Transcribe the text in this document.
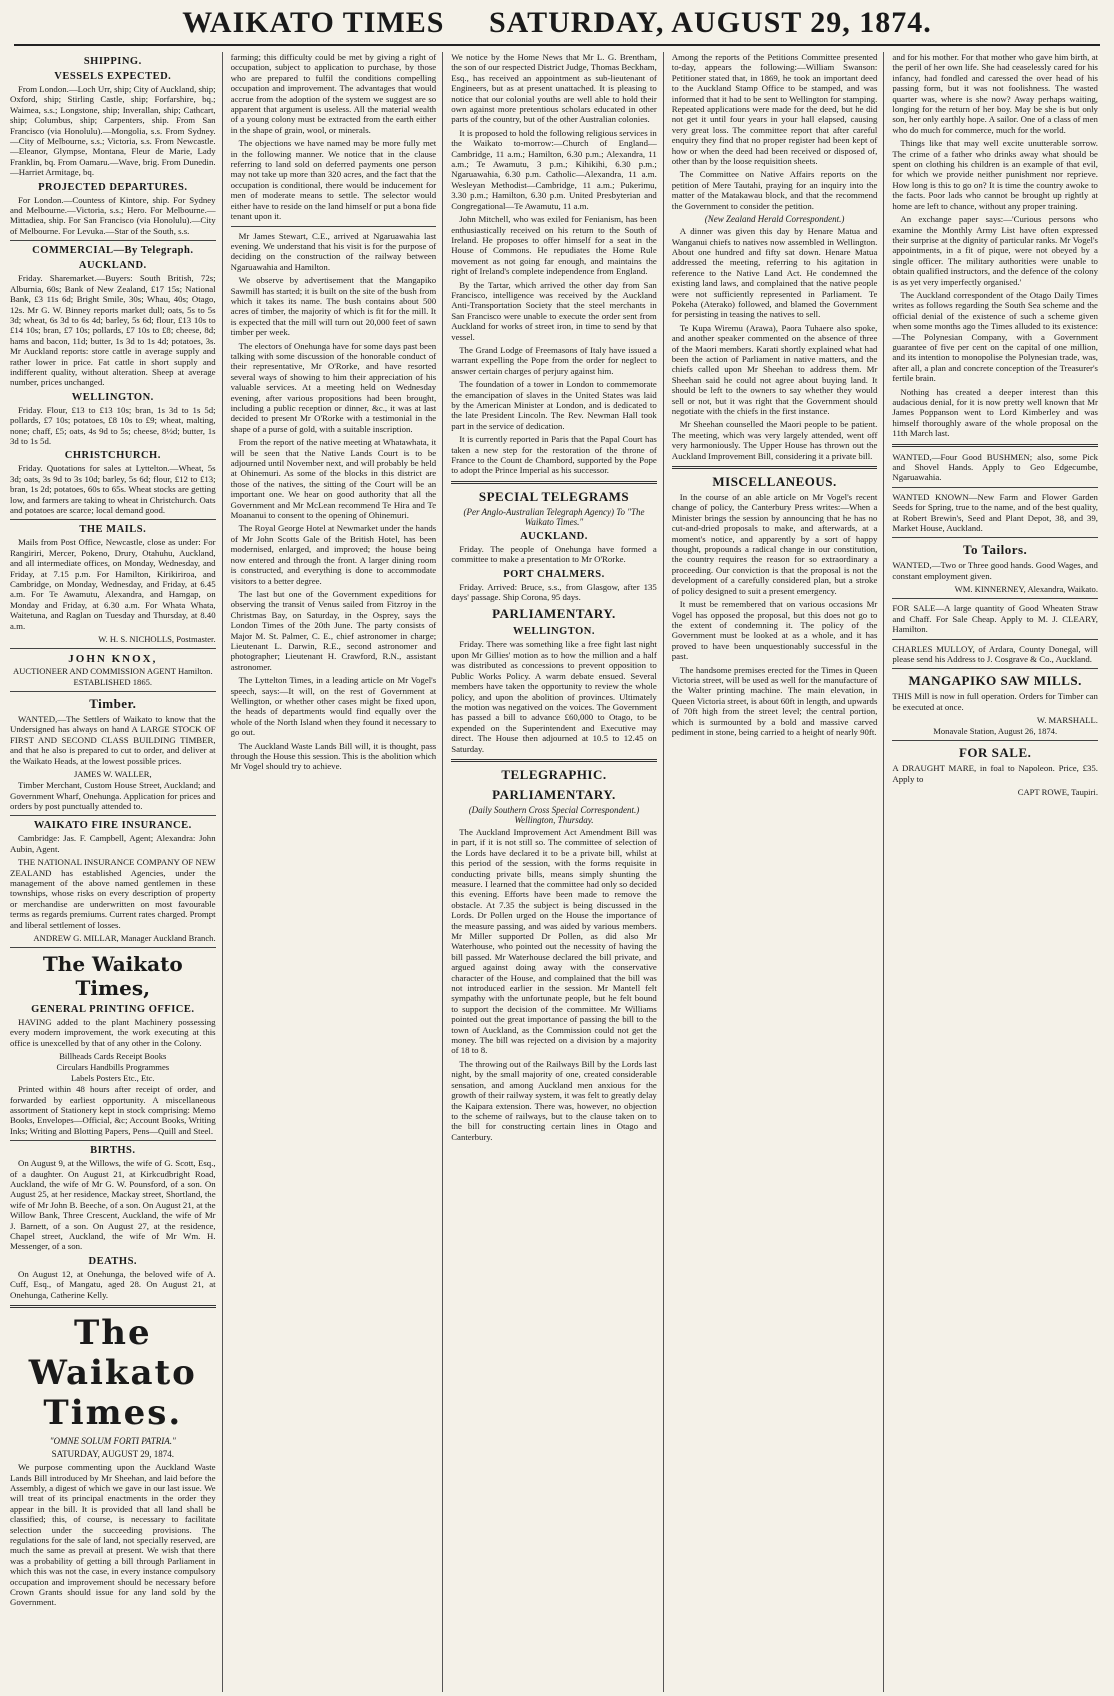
WAIKATO TIMES SATURDAY, AUGUST 29, 1874.
SHIPPING.
VESSELS EXPECTED.

From London.—Loch Urr, ship; City of Auckland, ship; Oxford, ship; Stirling Castle, ship; Forfarshire, bq.; Waimea, s.s.; Longstone, ship; Inverallan, ship; Cathcart, ship; Columbus, ship; Carpenters, ship. From San Francisco (via Honolulu).—Mongolia, s.s. From Sydney.—City of Melbourne, s.s.; Victoria, s.s. From Newcastle.—Eleanor, Glympse, Montana, Fleur de Marie, Lady Franklin, bq. From Oamaru.—Wave, brig. From Dunedin.—Harriet Armitage, bq.

PROJECTED DEPARTURES.

For London.—Countess of Kintore, ship. For Sydney and Melbourne.—Victoria, s.s.; Hero. For Melbourne.—Mittadiea, ship. For San Francisco (via Honolulu).—City of Melbourne. For Levuka.—Star of the South, s.s.

COMMERCIAL—By Telegraph.
AUCKLAND.

Friday. Sharemarket.—Buyers: South British, 72s; Alburnia, 60s; Bank of New Zealand, £17 15s; National Bank, £3 11s 6d; Bright Smile, 30s; Whau, 40s; Otago, 12s. Mr G. W. Binney reports market dull; oats, 5s to 5s 3d; wheat, 6s 3d to 6s 4d; barley, 5s 6d; flour, £13 10s to £14 10s; bran, £7 10s; pollards, £7 10s to £8; cheese, 8d; hams and bacon, 11d; butter, 1s 3d to 1s 4d; potatoes, 3s. Mr Auckland reports: store cattle in average supply and rather lower in price. Fat cattle in short supply and indifferent quality, without alteration. Sheep at average number, prices unchanged.

WELLINGTON.

Friday. Flour, £13 to £13 10s; bran, 1s 3d to 1s 5d; pollards, £7 10s; potatoes, £8 10s to £9; wheat, malting, none; chaff, £5; oats, 4s 9d to 5s; cheese, 8½d; butter, 1s 3d to 1s 5d.

CHRISTCHURCH.

Friday. Quotations for sales at Lyttelton.—Wheat, 5s 3d; oats, 3s 9d to 3s 10d; barley, 5s 6d; flour, £12 to £13; bran, 1s 2d; potatoes, 60s to 65s. Wheat stocks are getting low, and farmers are taking to wheat in Christchurch. Oats and potatoes are scarce; local demand good.

THE MAILS.

Mails from Post Office, Newcastle, close as under: For Rangiriri, Mercer, Pokeno, Drury, Otahuhu, Auckland, and all intermediate offices, on Monday, Wednesday, and Friday, at 7.15 p.m. For Hamilton, Kirikiriroa, and Cambridge, on Monday, Wednesday, and Friday, at 6.45 a.m. For Te Awamutu, Alexandra, and Hamgap, on Monday and Friday, at 6.30 a.m. For Whata Whata, Waitetuna, and Raglan on Tuesday and Thursday, at 8.40 a.m.

W. H. S. NICHOLLS, Postmaster.
JOHN KNOX,
AUCTIONEER AND COMMISSION AGENT Hamilton.
ESTABLISHED 1865.
Timber.

WANTED,—The Settlers of Waikato to know that the Undersigned has always on hand A LARGE STOCK OF FIRST AND SECOND CLASS BUILDING TIMBER, and that he also is prepared to cut to order, and deliver at the Waikato Heads, at the lowest possible prices.

JAMES W. WALLER,

Timber Merchant, Custom House Street, Auckland; and Government Wharf, Onehunga. Application for prices and orders by post punctually attended to.

WAIKATO FIRE INSURANCE.

Cambridge: Jas. F. Campbell, Agent; Alexandra: John Aubin, Agent.

THE NATIONAL INSURANCE COMPANY OF NEW ZEALAND has established Agencies, under the management of the above named gentlemen in these townships, whose risks on every description of property or merchandise are underwritten on most favourable terms as regards premiums. Current rates charged. Prompt and liberal settlement of losses.

ANDREW G. MILLAR, Manager Auckland Branch.
The Waikato Times,
GENERAL PRINTING OFFICE.

HAVING added to the plant Machinery possessing every modern improvement, the work executing at this office is unexcelled by that of any other in the Colony.

Billheads Cards Receipt Books
Circulars Handbills Programmes
Labels Posters Etc., Etc.

Printed within 48 hours after receipt of order, and forwarded by earliest opportunity. A miscellaneous assortment of Stationery kept in stock comprising: Memo Books, Envelopes—Official, &c; Account Books, Writing Inks; Writing and Blotting Papers, Pens—Quill and Steel.

BIRTHS.

On August 9, at the Willows, the wife of G. Scott, Esq., of a daughter. On August 21, at Kirkcudbright Road, Auckland, the wife of Mr G. W. Pounsford, of a son. On August 25, at her residence, Mackay street, Shortland, the wife of Mr John B. Beeche, of a son. On August 21, at the Willow Bank, Three Crescent, Auckland, the wife of Mr J. Barnett, of a son. On August 27, at the residence, Chapel street, Auckland, the wife of Mr Wm. H. Messenger, of a son.

DEATHS.

On August 12, at Onehunga, the beloved wife of A. Cuff, Esq., of Mangatu, aged 28. On August 21, at Onehunga, Catherine Kelly.

The Waikato Times.
"OMNE SOLUM FORTI PATRIA."
SATURDAY, AUGUST 29, 1874.

We purpose commenting upon the Auckland Waste Lands Bill introduced by Mr Sheehan, and laid before the Assembly, a digest of which we gave in our last issue. We will treat of its principal enactments in the order they appear in the bill. It is provided that all land shall be classified; this, of course, is necessary to facilitate selection under the succeeding provisions. The regulations for the sale of land, not specially reserved, are much the same as prevail at present. We wish that there was a probability of getting a bill through Parliament in which this was not the case, in every instance compulsory occupation and improvement should be necessary before Crown Grants should issue for any land sold by the Government.

farming; this difficulty could be met by giving a right of occupation, subject to application to purchase, by those who are prepared to fulfil the conditions compelling occupation and improvement. The advantages that would accrue from the adoption of the system we suggest are so apparent that argument is useless. All the material wealth of a young colony must be extracted from the earth either in the shape of grain, wool, or minerals.

The objections we have named may be more fully met in the following manner. We notice that in the clause referring to land sold on deferred payments one person may not take up more than 320 acres, and the fact that the occupation is conditional, there would be inducement for men of moderate means to settle. The selector would either have to reside on the land himself or put a bona fide tenant upon it.

Mr James Stewart, C.E., arrived at Ngaruawahia last evening. We understand that his visit is for the purpose of deciding on the construction of the railway between Ngaruawahia and Hamilton.

We observe by advertisement that the Mangapiko Sawmill has started; it is built on the site of the bush from which it takes its name. The bush contains about 500 acres of timber, the majority of which is fit for the mill. It is expected that the mill will turn out 20,000 feet of sawn timber per week.

The electors of Onehunga have for some days past been talking with some discussion of the honorable conduct of their representative, Mr O'Rorke, and have resorted several ways of showing to him their appreciation of his valuable services. At a meeting held on Wednesday evening, after various propositions had been brought, including a public reception or dinner, &c., it was at last decided to present Mr O'Rorke with a testimonial in the shape of a purse of gold, with a suitable inscription.

From the report of the native meeting at Whatawhata, it will be seen that the Native Lands Court is to be adjourned until November next, and will probably be held at Ohinemuri. As some of the blocks in this district are those of the natives, the sitting of the Court will be an important one. We hear on good authority that all the Government and Mr McLean recommend Te Hira and Te Moananui to consent to the opening of Ohinemuri.

The Royal George Hotel at Newmarket under the hands of Mr John Scotts Gale of the British Hotel, has been modernised, enlarged, and improved; the house being now entered and through the front. A larger dining room is constructed, and everything is done to accommodate visitors to a better degree.

The last but one of the Government expeditions for observing the transit of Venus sailed from Fitzroy in the Christmas Bay, on Saturday, in the Osprey, says the London Times of the 20th June. The party consists of Major M. St. Palmer, C. E., chief astronomer in charge; Lieutenant L. Darwin, R.E., second astronomer and photographer; Lieutenant H. Crawford, R.N., assistant astronomer.

The Lyttelton Times, in a leading article on Mr Vogel's speech, says:—It will, on the rest of Government at Wellington, or whether other cases might be fixed upon, the heads of departments would find equally over the whole of the North Island when they found it necessary to go out.

The Auckland Waste Lands Bill will, it is thought, pass through the House this session. This is the abolition which Mr Vogel should try to achieve.

We notice by the Home News that Mr L. G. Brentham, the son of our respected District Judge, Thomas Beckham, Esq., has received an appointment as sub-lieutenant of Engineers, but as at present unattached. It is pleasing to notice that our colonial youths are well able to hold their own against more pretentious scholars educated in other parts of the country, but of the other Australian colonies.

It is proposed to hold the following religious services in the Waikato to-morrow:—Church of England—Cambridge, 11 a.m.; Hamilton, 6.30 p.m.; Alexandra, 11 a.m.; Te Awamutu, 3 p.m.; Kihikihi, 6.30 p.m.; Ngaruawahia, 6.30 p.m. Catholic—Alexandra, 11 a.m. Wesleyan Methodist—Cambridge, 11 a.m.; Pukerimu, 3.30 p.m.; Hamilton, 6.30 p.m. United Presbyterian and Congregational—Te Awamutu, 11 a.m.

John Mitchell, who was exiled for Fenianism, has been enthusiastically received on his return to the South of Ireland. He proposes to offer himself for a seat in the House of Commons. He repudiates the Home Rule movement as not going far enough, and maintains the right of Ireland's complete independence from England.

By the Tartar, which arrived the other day from San Francisco, intelligence was received by the Auckland Anti-Transportation Society that the steel merchants in San Francisco were unable to execute the order sent from Auckland for works of street iron, in time to send by that vessel.

The Grand Lodge of Freemasons of Italy have issued a warrant expelling the Pope from the order for neglect to answer certain charges of perjury against him.

The foundation of a tower in London to commemorate the emancipation of slaves in the United States was laid by the American Minister at London, and is dedicated to the late President Lincoln. The Rev. Newman Hall took part in the service of dedication.

It is currently reported in Paris that the Papal Court has taken a new step for the restoration of the throne of France to the Count de Chambord, supported by the Pope to adopt the Prince Imperial as his successor.

SPECIAL TELEGRAMS
(Per Anglo-Australian Telegraph Agency) To "The Waikato Times."
AUCKLAND.

Friday. The people of Onehunga have formed a committee to make a presentation to Mr O'Rorke.

PORT CHALMERS.

Friday. Arrived: Bruce, s.s., from Glasgow, after 135 days' passage. Ship Corona, 95 days.

PARLIAMENTARY.
WELLINGTON.

Friday. There was something like a free fight last night upon Mr Gillies' motion as to how the million and a half was distributed as concessions to prevent opposition to Public Works Policy. A warm debate ensued. Several members have taken the opportunity to review the whole policy, and upon the abolition of provinces. Ultimately the motion was negatived on the voices. The Government has passed a bill to advance £60,000 to Otago, to be expended on the Superintendent and Executive may direct. The House then adjourned at 10.5 to 12.45 on Saturday.

TELEGRAPHIC.
PARLIAMENTARY.
(Daily Southern Cross Special Correspondent.) Wellington, Thursday.

The Auckland Improvement Act Amendment Bill was in part, if it is not still so. The committee of selection of the Lords have declared it to be a private bill, whilst at this period of the session, with the forms requisite in conducting private bills, means simply shunting the measure. I learned that the committee had only so decided this evening. Efforts have been made to remove the obstacle. At 7.35 the subject is being discussed in the Lords. Dr Pollen urged on the House the importance of the measure passing, and was aided by various members. Mr Miller supported Dr Pollen, as did also Mr Waterhouse, who pointed out the necessity of having the bill passed. Mr Waterhouse declared the bill private, and argued against doing away with the conservative character of the House, and complained that the bill was not introduced earlier in the session. Mr Mantell felt sympathy with the unfortunate people, but he felt bound to support the decision of the committee. Mr Williams pointed out the great importance of passing the bill to the town of Auckland, as the Commission could not get the money. The bill was rejected on a division by a majority of 18 to 8.

The throwing out of the Railways Bill by the Lords last night, by the small majority of one, created considerable sensation, and among Auckland men anxious for the growth of their railway system, it was felt to greatly delay the Kaipara extension. There was, however, no objection to the scheme of railways, but to the clause taken on to the bill for constructing certain lines in Otago and Canterbury.

Among the reports of the Petitions Committee presented to-day, appears the following:—William Swanson: Petitioner stated that, in 1869, he took an important deed to the Auckland Stamp Office to be stamped, and was informed that it had to be sent to Wellington for stamping. Repeated applications were made for the deed, but he did not get it until four years in your hall elapsed, causing very great loss. The committee report that after careful enquiry they find that no proper register had been kept of how or when the deed had been received or disposed of, other than by the loose requisition sheets.

The Committee on Native Affairs reports on the petition of Mere Tautahi, praying for an inquiry into the matter of the Matakawau block, and that the recommend the Government to consider the petition.

(New Zealand Herald Correspondent.)

A dinner was given this day by Henare Matua and Wanganui chiefs to natives now assembled in Wellington. About one hundred and fifty sat down. Henare Matua addressed the meeting, referring to his agitation in reference to the Native Land Act. He condemned the existing land laws, and complained that the native people were not sufficiently represented in Parliament. Te Pokeha (Aterako) followed, and blamed the Government for persisting in teasing the natives to sell.

Te Kupa Wiremu (Arawa), Paora Tuhaere also spoke, and another speaker commented on the absence of three of the Maori members. Karati shortly explained what had been the action of Parliament in native matters, and the chiefs called upon Mr Sheehan to address them. Mr Sheehan said he could not agree about buying land. It should be left to the owners to say whether they would sell or not, but it was right that the Government should negotiate with the chiefs in the first instance.

Mr Sheehan counselled the Maori people to be patient. The meeting, which was very largely attended, went off very harmoniously. The Upper House has thrown out the Auckland Improvement Bill, considering it a private bill.

MISCELLANEOUS.

In the course of an able article on Mr Vogel's recent change of policy, the Canterbury Press writes:—When a Minister brings the session by announcing that he has no cut-and-dried proposals to make, and afterwards, at a moment's notice, and apparently by a sort of happy thought, propounds a radical change in our constitution, the country requires the reason for so extraordinary a proceeding. Our conviction is that the proposal is not the development of a carefully considered plan, but a stroke of policy designed to suit a present emergency.

It must be remembered that on various occasions Mr Vogel has opposed the proposal, but this does not go to the extent of condemning it. The policy of the Government must be looked at as a whole, and it has proved to have been unquestionably successful in the past.

The handsome premises erected for the Times in Queen Victoria street, will be used as well for the manufacture of the Walter printing machine. The main elevation, in Queen Victoria street, is about 60ft in length, and upwards of 70ft high from the street level; the central portion, which is surmounted by a bold and massive carved pediment in stone, being carried to a height of nearly 90ft.

and for his mother. For that mother who gave him birth, at the peril of her own life. She had ceaselessly cared for his infancy, had fondled and caressed the over head of his passing form, but it was not foolishness. The wasted quarter was, where is she now? Away perhaps waiting, longing for the return of her boy. May be she is but only son, her only earthly hope. A sailor. One of a class of men who do much for commerce, much for the world.

Things like that may well excite unutterable sorrow. The crime of a father who drinks away what should be spent on clothing his children is an example of that evil, for which we provide neither punishment nor reprieve. How long is this to go on? It is time the country awoke to the facts. Poor lads who cannot be brought up rightly at home are left to chance, without any proper training.

An exchange paper says:—'Curious persons who examine the Monthly Army List have often expressed their surprise at the dignity of particular ranks. Mr Vogel's appointments, in a fit of pique, were not obeyed by a single officer. The military authorities were unable to obtain qualified instructors, and the defence of the colony is as yet very imperfectly organised.'

The Auckland correspondent of the Otago Daily Times writes as follows regarding the South Sea scheme and the official denial of the existence of such a scheme given when some months ago the Times alluded to its existence:—The Polynesian Company, with a Government guarantee of five per cent on the capital of one million, and its intention to monopolise the Polynesian trade, was, after all, a plan and concrete conception of the Treasurer's fertile brain.

Nothing has created a deeper interest than this audacious denial, for it is now pretty well known that Mr James Poppanson went to Lord Kimberley and was himself thoroughly aware of the whole proposal on the 11th March last.

WANTED,—Four Good BUSHMEN; also, some Pick and Shovel Hands. Apply to Geo Edgecumbe, Ngaruawahia.

WANTED KNOWN—New Farm and Flower Garden Seeds for Spring, true to the name, and of the best quality, at Robert Brewin's, Seed and Plant Depot, 38, and 39, Market House, Auckland.

To Tailors.

WANTED,—Two or Three good hands. Good Wages, and constant employment given.

WM. KINNERNEY, Alexandra, Waikato.

FOR SALE—A large quantity of Good Wheaten Straw and Chaff. For Sale Cheap. Apply to M. J. CLEARY, Hamilton.

CHARLES MULLOY, of Ardara, County Donegal, will please send his Address to J. Cosgrave & Co., Auckland.

MANGAPIKO SAW MILLS.

THIS Mill is now in full operation. Orders for Timber can be executed at once.

W. MARSHALL.
Monavale Station, August 26, 1874.
FOR SALE.

A DRAUGHT MARE, in foal to Napoleon. Price, £35. Apply to

CAPT ROWE, Taupiri.
